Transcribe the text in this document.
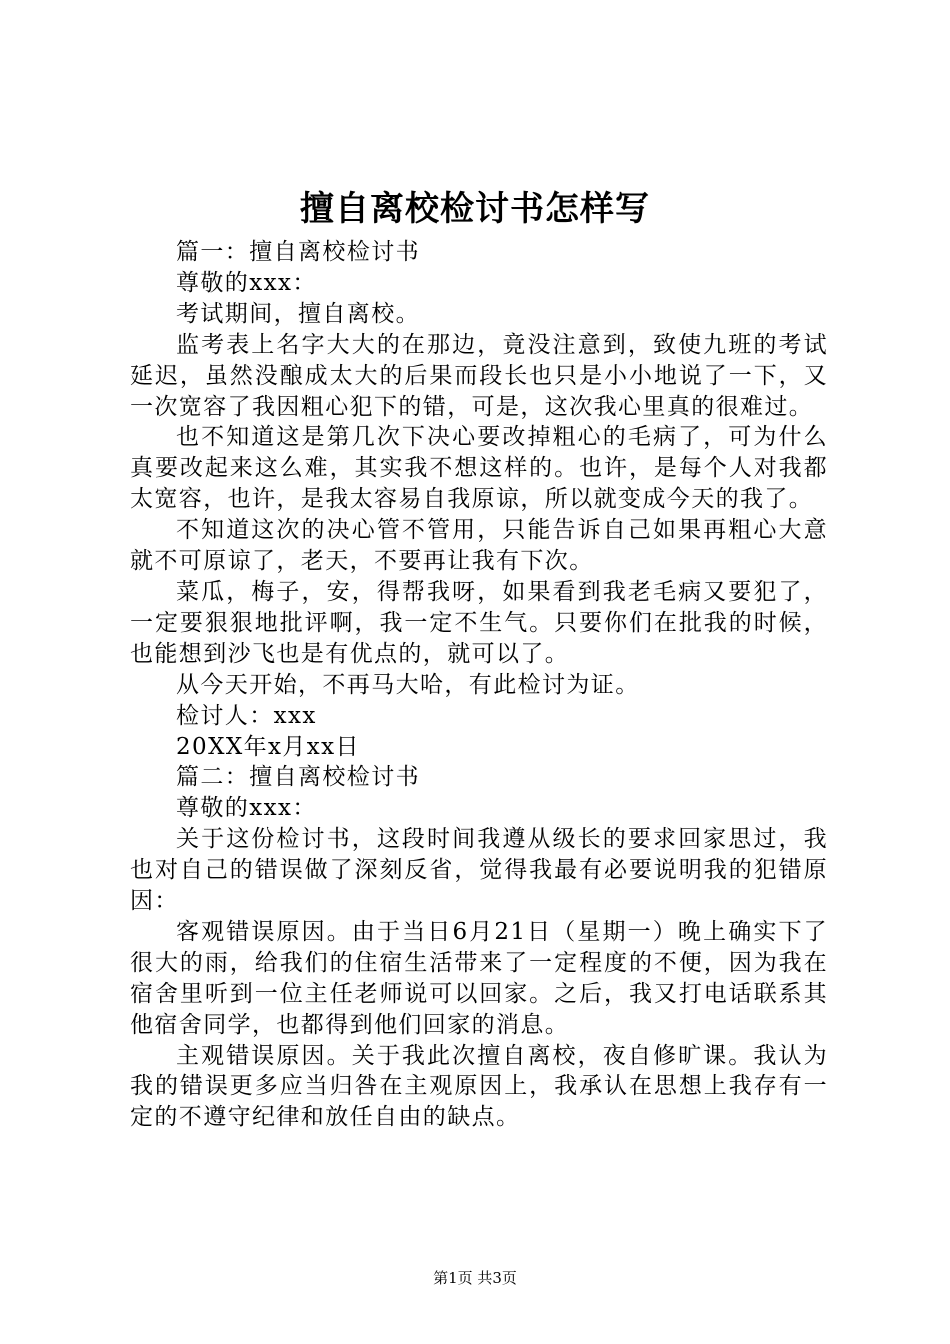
擅自离校检讨书怎样写

篇一：擅自离校检讨书

尊敬的xxx：

考试期间，擅自离校。

监考表上名字大大的在那边，竟没注意到，致使九班的考试延迟，虽然没酿成太大的后果而段长也只是小小地说了一下，又一次宽容了我因粗心犯下的错，可是，这次我心里真的很难过。

也不知道这是第几次下决心要改掉粗心的毛病了，可为什么真要改起来这么难，其实我不想这样的。也许，是每个人对我都太宽容，也许，是我太容易自我原谅，所以就变成今天的我了。

不知道这次的决心管不管用，只能告诉自己如果再粗心大意就不可原谅了，老天，不要再让我有下次。

菜瓜，梅子，安，得帮我呀，如果看到我老毛病又要犯了，一定要狠狠地批评啊，我一定不生气。只要你们在批我的时候，也能想到沙飞也是有优点的，就可以了。

从今天开始，不再马大哈，有此检讨为证。

检讨人：xxx

20XX年x月xx日

篇二：擅自离校检讨书

尊敬的xxx：

关于这份检讨书，这段时间我遵从级长的要求回家思过，我也对自己的错误做了深刻反省，觉得我最有必要说明我的犯错原因：

客观错误原因。由于当日6月21日（星期一）晚上确实下了很大的雨，给我们的住宿生活带来了一定程度的不便，因为我在宿舍里听到一位主任老师说可以回家。之后，我又打电话联系其他宿舍同学，也都得到他们回家的消息。

主观错误原因。关于我此次擅自离校，夜自修旷课。我认为我的错误更多应当归咎在主观原因上，我承认在思想上我存有一定的不遵守纪律和放任自由的缺点。

第1页 共3页
